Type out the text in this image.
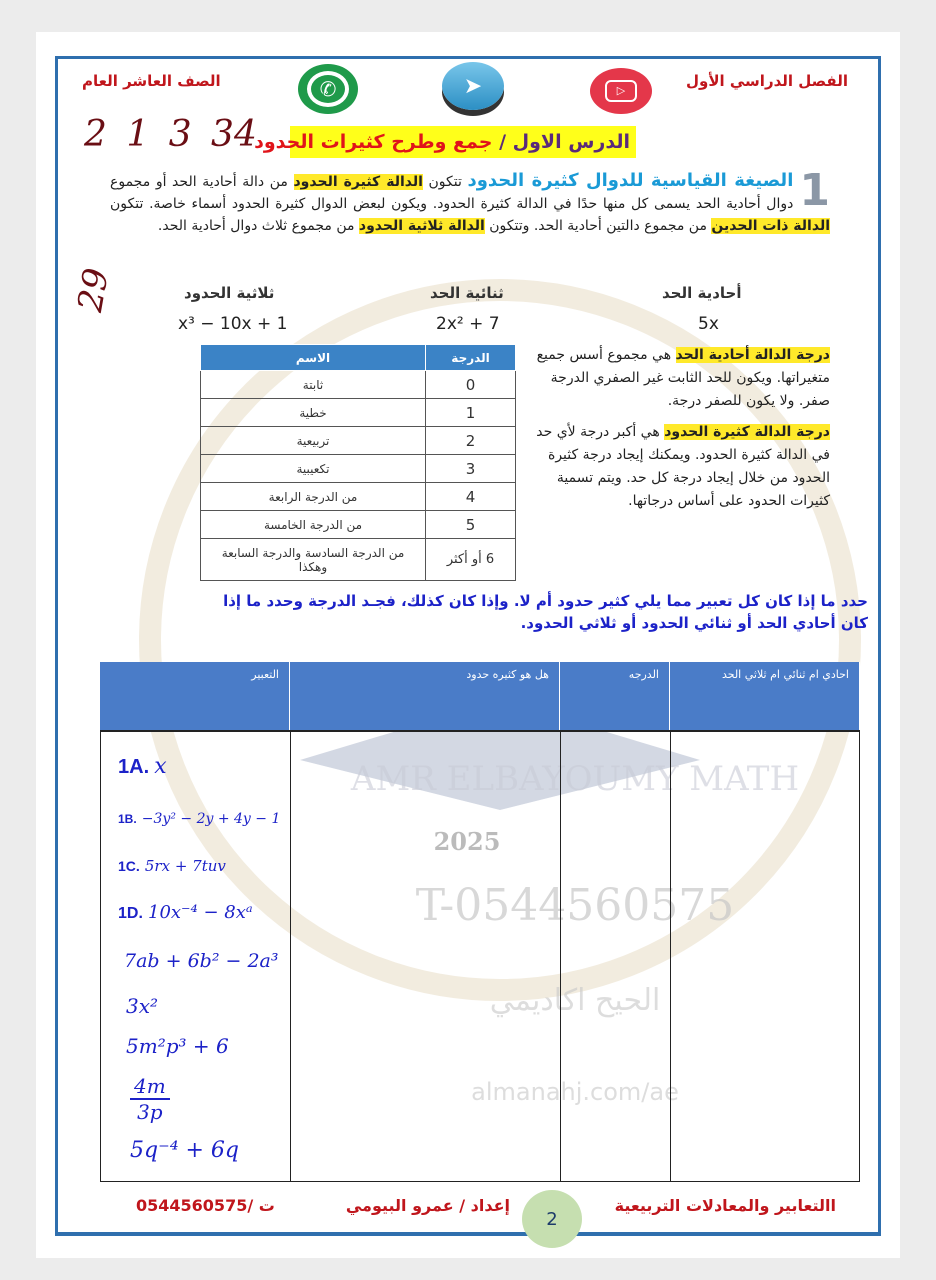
AMR ELBAYOUMY MATH
2025
T-0544560575
الحيح اكاديمي
almanahj.com/ae
الصف العاشر العام	الفصل الدراسي الأول
✆	➤	▷
2 1 3 34
29
الدرس الاول / جمع وطرح كثيرات الحدود
1
الصيغة القياسية للدوال كثيرة الحدود تتكون الدالة كثيرة الحدود من دالة أحادية الحد أو مجموع دوال أحادية الحد يسمى كل منها حدًا في الدالة كثيرة الحدود. ويكون لبعض الدوال كثيرة الحدود أسماء خاصة. تتكون الدالة ذات الحدين من مجموع دالتين أحادية الحد. وتتكون الدالة ثلاثية الحدود من مجموع ثلاث دوال أحادية الحد.
أحادية الحد
ثنائية الحد
ثلاثية الحدود
5x
2x² + 7
x³ − 10x + 1
الدرجة	الاسم
0	ثابتة
1	خطية
2	تربيعية
3	تكعيبية
4	من الدرجة الرابعة
5	من الدرجة الخامسة
6 أو أكثر	من الدرجة السادسة والدرجة السابعة وهكذا

درجة الدالة أحادية الحد هي مجموع أسس جميع متغيراتها. ويكون للحد الثابت غير الصفري الدرجة صفر. ولا يكون للصفر درجة.

درجة الدالة كثيرة الحدود هي أكبر درجة لأي حد في الدالة كثيرة الحدود. ويمكنك إيجاد درجة كثيرة الحدود من خلال إيجاد درجة كل حد. ويتم تسمية كثيرات الحدود على أساس درجاتها.

حدد ما إذا كان كل تعبير مما يلي كثير حدود أم لا. وإذا كان كذلك، فجـد الدرجة وحدد ما إذا
كان أحادي الحد أو ثنائي الحدود أو ثلاثي الحدود.
التعبير	هل هو كثيره حدود	الدرجه	احادي ام ثنائي ام ثلاثي الحد
1A. x
1B. −3y² − 2y + 4y − 1
1C. 5rx + 7tuv
1D. 10x⁻⁴ − 8xᵃ
7ab + 6b² − 2a³
3x²
5m²p³ + 6
$\frac{4m}{3p}$
5q⁻⁴ + 6q
0544560575/ ت	إعداد / عمرو البيومي	االتعابير والمعادلات التربيعية
2
